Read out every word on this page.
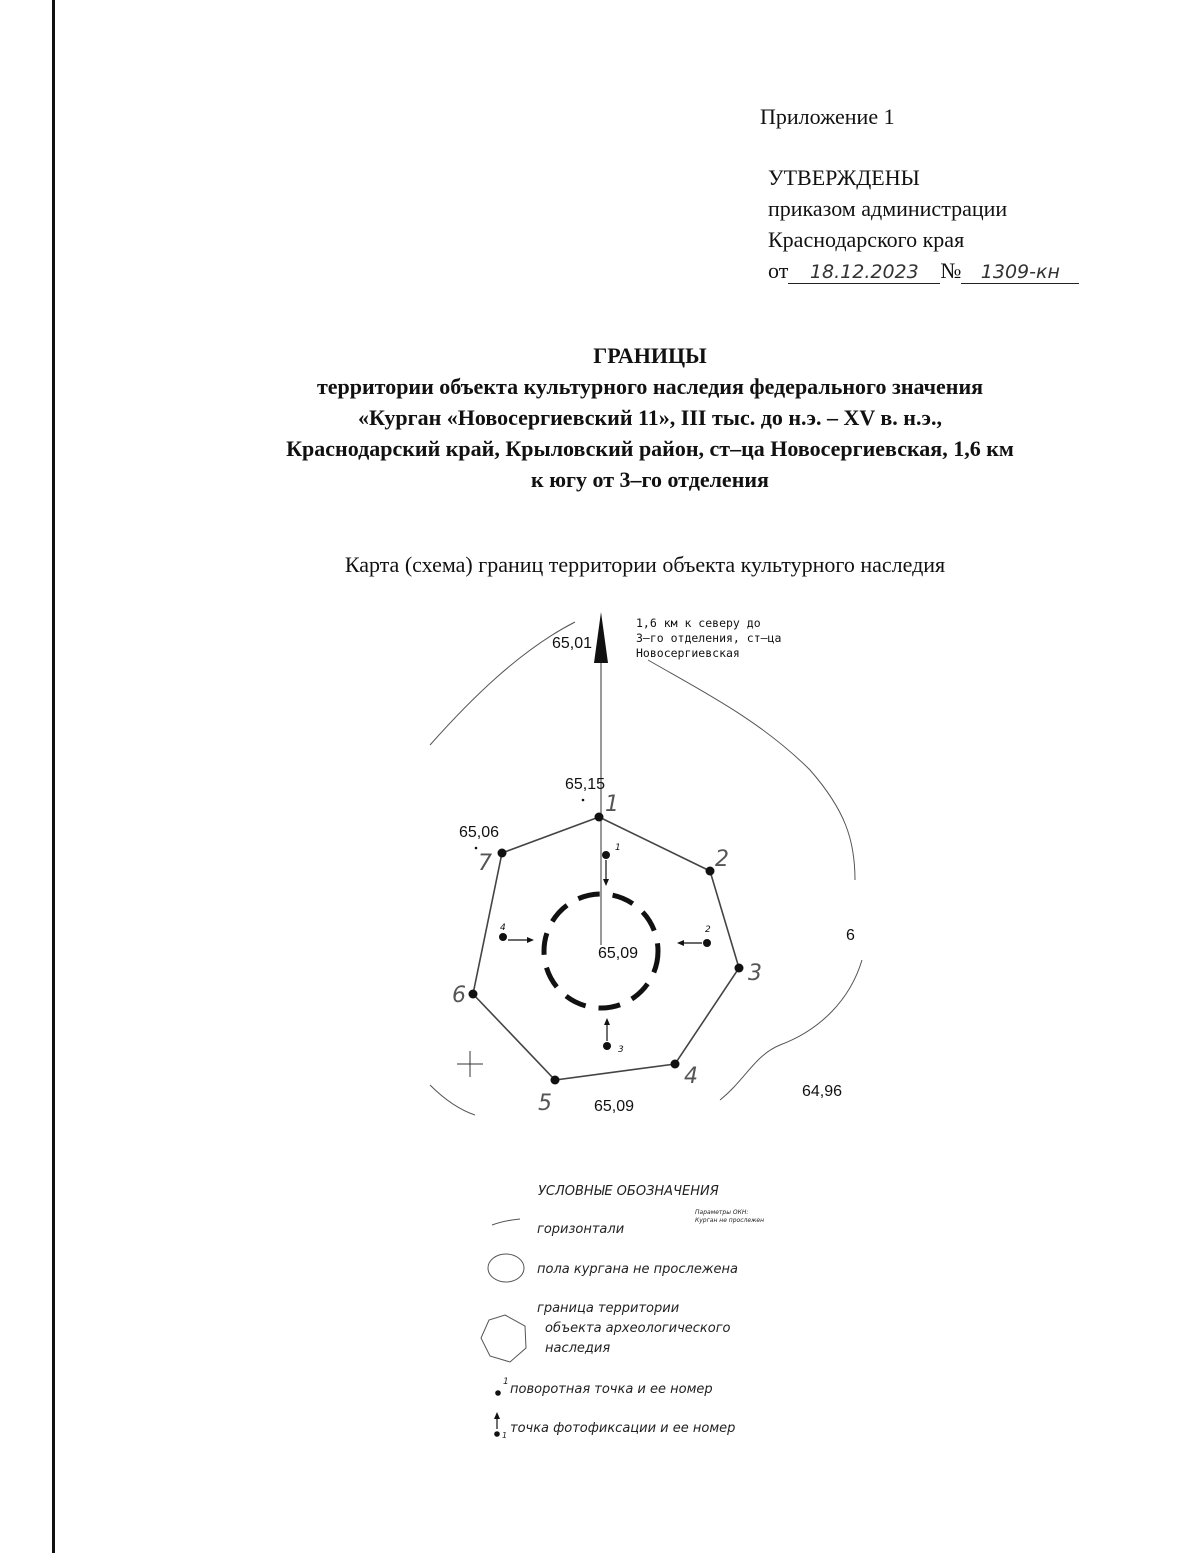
Приложение 1
УТВЕРЖДЕНЫ
приказом администрации
Краснодарского края
от 18.12.2023 № 1309-кн
ГРАНИЦЫ
территории объекта культурного наследия федерального значения
«Курган «Новосергиевский 11», III тыс. до н.э. – XV в. н.э.,
Краснодарский край, Крыловский район, ст–ца Новосергиевская, 1,6 км
к югу от 3–го отделения
Карта (схема) границ территории объекта культурного наследия
1,6 км к северу до
3–го отделения, ст–ца
Новосергиевская
65,01
65,15
65,06
65,09
65,09
64,96
6
1
2
3
4
5
6
7
1
2
3
4
УСЛОВНЫЕ ОБОЗНАЧЕНИЯ
горизонтали
Параметры ОКН:
Курган не прослежен
пола кургана не прослежена
граница территории
объекта археологического
наследия
1 поворотная точка и ее номер
1 точка фотофиксации и ее номер
